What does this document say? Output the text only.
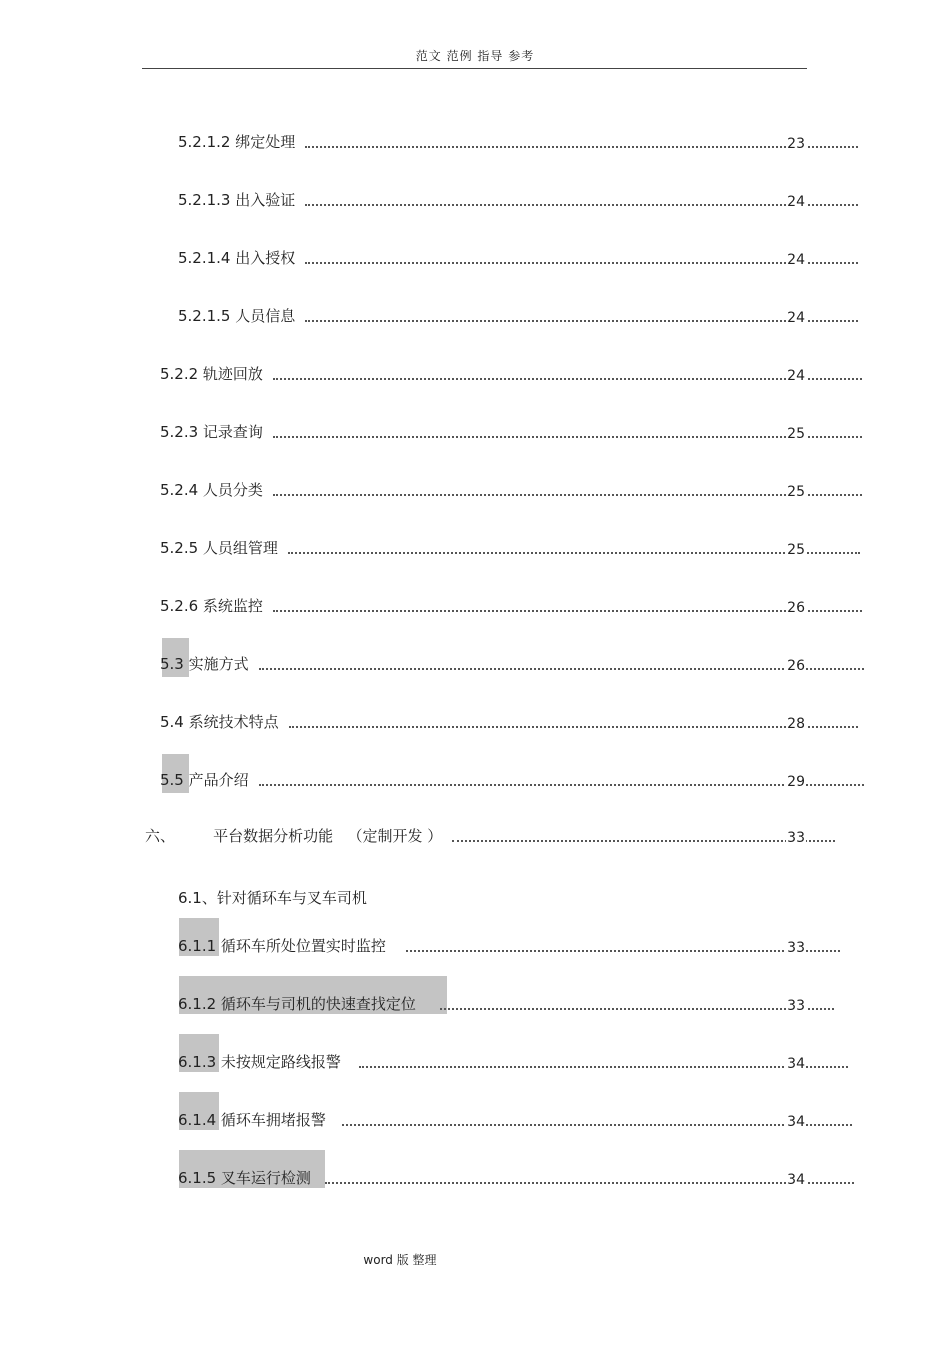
范文 范例 指导 参考
5.2.1.2 绑定处理	23
5.2.1.3 出入验证	24
5.2.1.4 出入授权	24
5.2.1.5 人员信息	24
5.2.2 轨迹回放	24
5.2.3 记录查询	25
5.2.4 人员分类	25
5.2.5 人员组管理	25
5.2.6 系统监控	26
5.3 实施方式	26
5.4 系统技术特点	28
5.5 产品介绍	29
六、        平台数据分析功能   （定制开发 ）	33
6.1、针对循环车与叉车司机
6.1.1 循环车所处位置实时监控	33
6.1.2 循环车与司机的快速查找定位	33
6.1.3 未按规定路线报警	34
6.1.4 循环车拥堵报警	34
6.1.5 叉车运行检测	34
word 版 整理
